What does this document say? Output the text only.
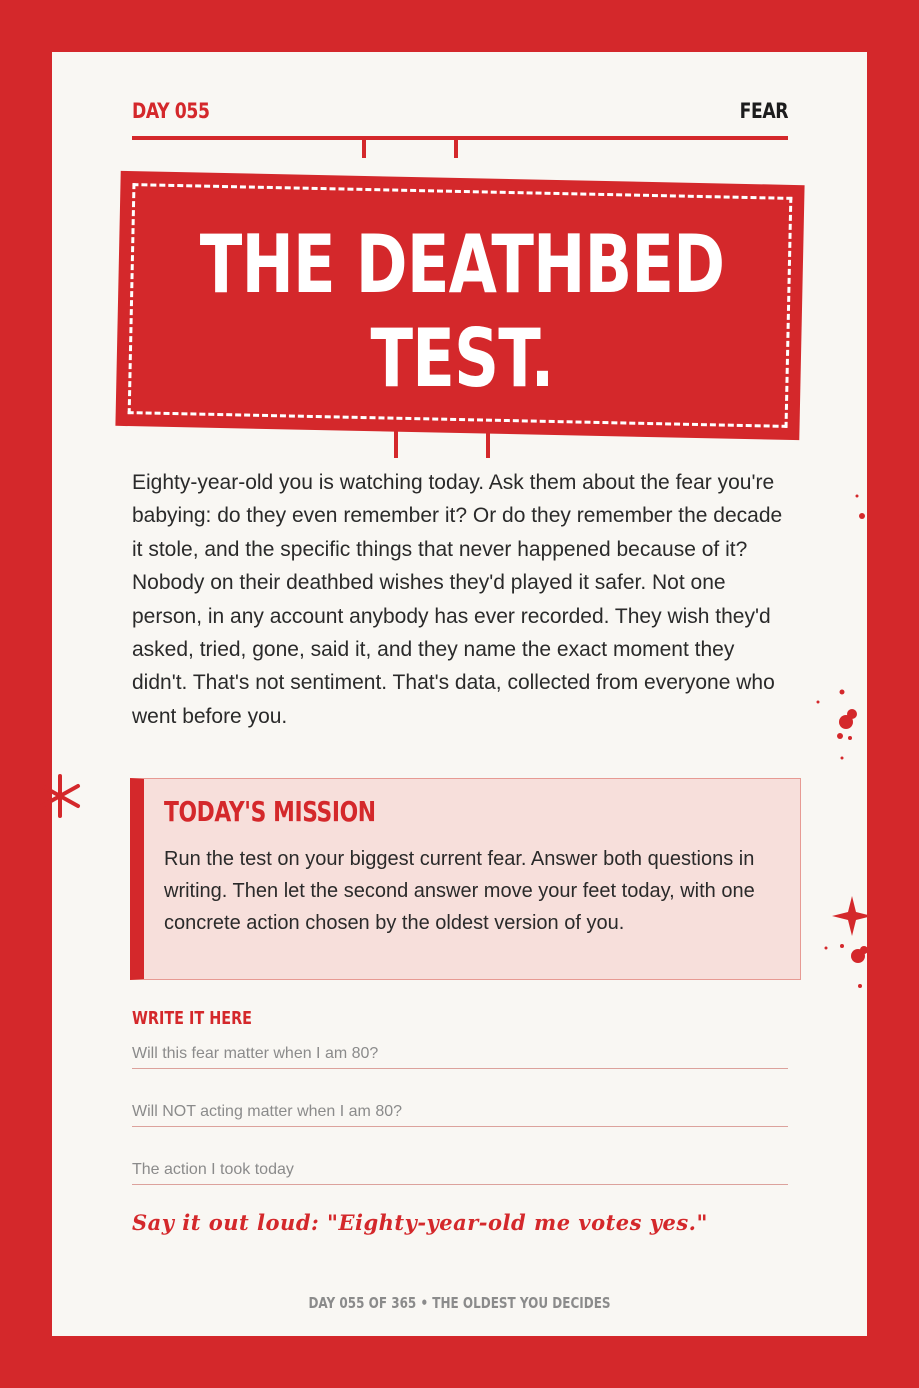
DAY 055	FEAR
THE DEATHBED
TEST.

Eighty-year-old you is watching today. Ask them about the fear you're babying: do they even remember it? Or do they remember the decade it stole, and the specific things that never happened because of it? Nobody on their deathbed wishes they'd played it safer. Not one person, in any account anybody has ever recorded. They wish they'd asked, tried, gone, said it, and they name the exact moment they didn't. That's not sentiment. That's data, collected from everyone who went before you.

TODAY'S MISSION

Run the test on your biggest current fear. Answer both questions in writing. Then let the second answer move your feet today, with one concrete action chosen by the oldest version of you.

WRITE IT HERE
Will this fear matter when I am 80?
Will NOT acting matter when I am 80?
The action I took today
Say it out loud: "Eighty-year-old me votes yes."
DAY 055 OF 365 • THE OLDEST YOU DECIDES
